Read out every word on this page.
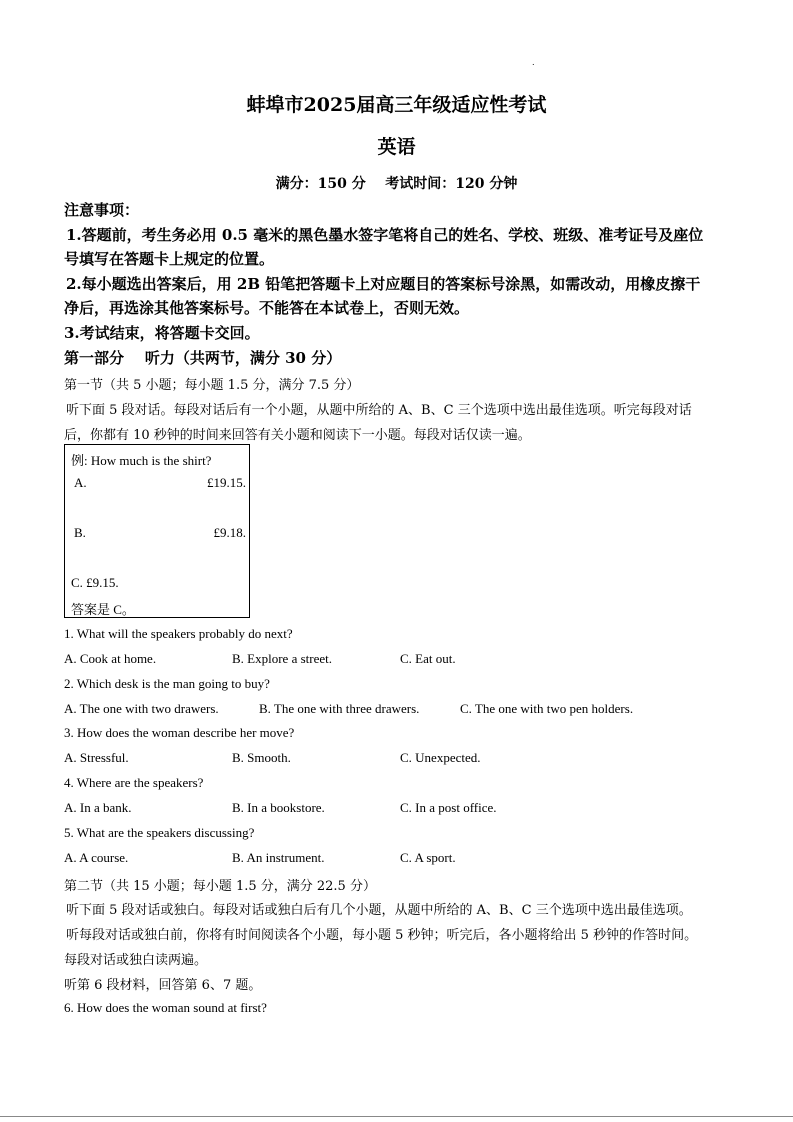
.
蚌埠市2025届高三年级适应性考试
英语
满分：150 分    考试时间：120 分钟
注意事项：
1.答题前，考生务必用 0.5 毫米的黑色墨水签字笔将自己的姓名、学校、班级、准考证号及座位
号填写在答题卡上规定的位置。
2.每小题选出答案后，用 2B 铅笔把答题卡上对应题目的答案标号涂黑，如需改动，用橡皮擦干
净后，再选涂其他答案标号。不能答在本试卷上，否则无效。
3.考试结束，将答题卡交回。
第一部分    听力（共两节，满分 30 分）
第一节（共 5 小题；每小题 1.5 分，满分 7.5 分）
听下面 5 段对话。每段对话后有一个小题，从题中所给的 A、B、C 三个选项中选出最佳选项。听完每段对话
后，你都有 10 秒钟的时间来回答有关小题和阅读下一小题。每段对话仅读一遍。
例: How much is the shirt?
A.	£19.15.
B.	£9.18.
C. £9.15.
答案是 C。
1. What will the speakers probably do next?
A. Cook at home.	B. Explore a street.	C. Eat out.
2. Which desk is the man going to buy?
A. The one with two drawers.	B. The one with three drawers.	C. The one with two pen holders.
3. How does the woman describe her move?
A. Stressful.	B. Smooth.	C. Unexpected.
4. Where are the speakers?
A. In a bank.	B. In a bookstore.	C. In a post office.
5. What are the speakers discussing?
A. A course.	B. An instrument.	C. A sport.
第二节（共 15 小题；每小题 1.5 分，满分 22.5 分）
听下面 5 段对话或独白。每段对话或独白后有几个小题，从题中所给的 A、B、C 三个选项中选出最佳选项。
听每段对话或独白前，你将有时间阅读各个小题，每小题 5 秒钟；听完后，各小题将给出 5 秒钟的作答时间。
每段对话或独白读两遍。
听第 6 段材料，回答第 6、7 题。
6. How does the woman sound at first?
